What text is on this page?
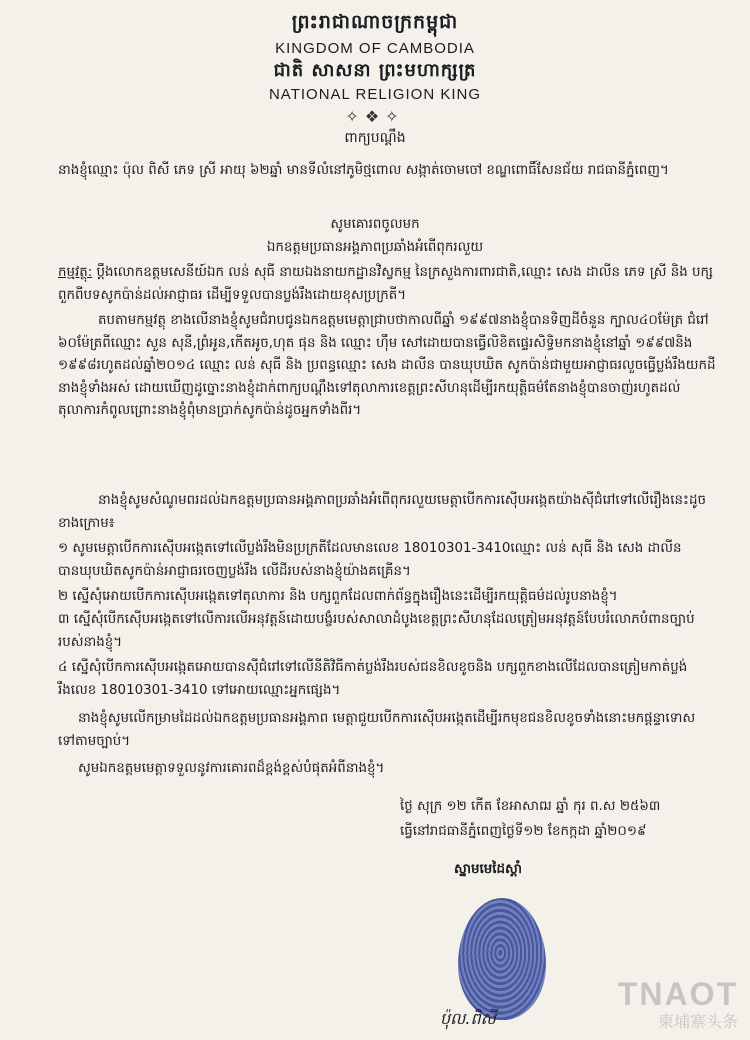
ព្រះរាជាណាចក្រកម្ពុជា
KINGDOM OF CAMBODIA
ជាតិ សាសនា ព្រះមហាក្សត្រ
NATIONAL RELIGION KING
✧❖✧
ពាក្យបណ្ដឹង
នាងខ្ញុំឈ្មោះ ប៉ុល ពិសី ភេទ ស្រី អាយុ ៦២ឆ្នាំ មានទីលំនៅភូមិថ្មពោល សង្កាត់ចោមចៅ ខណ្ឌពោធិ៍សែនជ័យ រាជធានីភ្នំពេញ។
សូមគោរពចូលមក
ឯកឧត្ដមប្រធានអង្គភាពប្រឆាំងអំពើពុករលួយ
កម្មវត្ថុ: ប្ដឹងលោកឧត្ដមសេនីយ៍ឯក លន់ សុធី នាយឯងនាយកដ្ឋានវិស្វកម្ម នៃក្រសួងការពារជាតិ,ឈ្មោះ សេង ដាលីន ភេទ ស្រី និង បក្សពួកពីបទសូកប៉ាន់ដល់អាជ្ញាធរ ដើម្បីទទួលបានប្លង់រឹងដោយខុសប្រក្រតី។
តបតាមកម្មវត្ថុ ខាងលើនាងខ្ញុំសូមជំរាបជូនឯកឧត្តមមេត្តាជ្រាបថាកាលពីឆ្នាំ ១៩៩៧នាងខ្ញុំបានទិញដីចំនួន ក្បាល៤០ម៉ែត្រ ជំរៅ ៦០ម៉ែត្រពីឈ្មោះ សួន សុនី,ព្រំអូន,កើតអូច,ហុត ផុន និង ឈ្មោះ ហ៊ឹម សៅដោយបានធ្វើលិខិតផ្ទេរសិទ្ធិមកនាងខ្ញុំនៅឆ្នាំ ១៩៩៧និង ១៩៩៨រហូតដល់ឆ្នាំ២០១៤ ឈ្មោះ លន់ សុធី និង ប្រពន្ធឈ្មោះ សេង ដាលីន បានឃុបឃិត សូកប៉ាន់ជាមួយអាជ្ញាធរលួចធ្វើប្លង់រឹងយកដីនាងខ្ញុំទាំងអស់ ដោយឃើញដូច្នោះនាងខ្ញុំដាក់ពាក្យបណ្ដឹងទៅតុលាការខេត្តព្រះសីហនុដើម្បីរកយុត្តិធម៌តែនាងខ្ញុំបានចាញ់រហូតដល់តុលាការកំពូលព្រោះនាងខ្ញុំពុំមានប្រាក់សូកប៉ាន់ដូចអ្នកទាំងពីរ។
នាងខ្ញុំសូមសំណូមពរដល់ឯកឧត្តមប្រធានអង្គភាពប្រឆាំងអំពើពុករលួយមេត្តាបើកការស៊ើបអង្កេតយ៉ាងស៊ីជំរៅទៅលើរឿងនេះដូចខាងក្រោម៖
១ សូមមេត្តាបើកការស៊ើបអង្កេតទៅលើប្លង់រឹងមិនប្រក្រតីដែលមានលេខ 18010301-3410ឈ្មោះ លន់ សុធី និង សេង ដាលីន បានឃុបឃិតសូកប៉ាន់អាជ្ញាធរចេញប្លង់រឹង លើដីរបស់នាងខ្ញុំយ៉ាងគគ្រើន។
២ ស្នើសុំអោយបើកការស៊ើបអង្កេតទៅតុលាការ និង បក្សពួកដែលពាក់ព័ន្ធក្នុងរឿងនេះដើម្បីរកយុត្តិធម៌ដល់រូបនាងខ្ញុំ។
៣ ស្នើសុំបើកស៊ើបអង្កេតទៅលើការលើអនុវត្តន៍ដោយបង្ខំរបស់សាលាដំបូងខេត្តព្រះសីហនុដែលត្រៀមអនុវត្តន៍បែបរំលោភបំពានច្បាប់របស់នាងខ្ញុំ។
៤ ស្នើសុំបើកការស៊ើបអង្កេតអោយបានស៊ីជំរៅទៅលើនីតិវិធីកាត់ប្លង់រឹងរបស់ជនខិលខូចនិង បក្សពួកខាងលើដែលបានត្រៀមកាត់ប្លង់រឹងលេខ 18010301-3410 ទៅអោយឈ្មោះអ្នកផ្សេង។
នាងខ្ញុំសូមលើកម្រាមដៃដល់ឯកឧត្តមប្រធានអង្គភាព មេត្តាជួយបើកការស៊ើបអង្កេតដើម្បីរកមុខជនខិលខូចទាំងនោះមកផ្ដន្ទាទោសទៅតាមច្បាប់។
សូមឯកឧត្តមមេត្តាទទួលនូវការគោរពដ៏ខ្ពង់ខ្ពស់បំផុតអំពីនាងខ្ញុំ។
ថ្ងៃ សុក្រ ១២ កើត ខែអាសាឍ ឆ្នាំ កុរ ព.ស ២៥៦៣
ធ្វើនៅរាជធានីភ្នំពេញថ្ងៃទី១២ ខែកក្កដា ឆ្នាំ២០១៩
ស្នាមមេដៃស្ដាំ
ប៉ុល.ពិសី
TNAOT
柬埔寨头条
